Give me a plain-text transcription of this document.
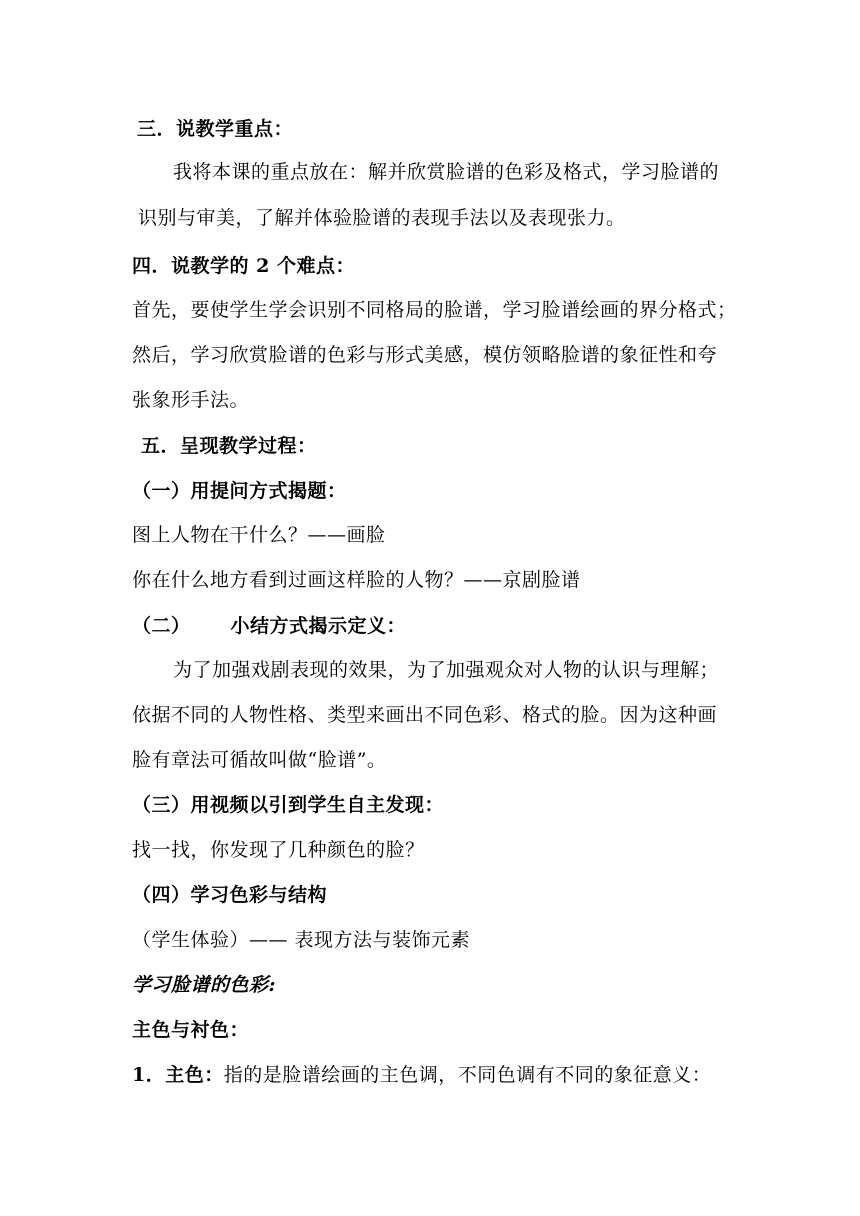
三．说教学重点：
我将本课的重点放在：解并欣赏脸谱的色彩及格式，学习脸谱的
识别与审美，了解并体验脸谱的表现手法以及表现张力。
四．说教学的 2 个难点：
首先，要使学生学会识别不同格局的脸谱，学习脸谱绘画的界分格式；
然后，学习欣赏脸谱的色彩与形式美感，模仿领略脸谱的象征性和夸
张象形手法。
五．呈现教学过程：
（一）用提问方式揭题：
图上人物在干什么？——画脸
你在什么地方看到过画这样脸的人物？——京剧脸谱
（二） 小结方式揭示定义：
为了加强戏剧表现的效果，为了加强观众对人物的认识与理解；
依据不同的人物性格、类型来画出不同色彩、格式的脸。因为这种画
脸有章法可循故叫做“脸谱”。
（三）用视频以引到学生自主发现：
找一找，你发现了几种颜色的脸？
（四）学习色彩与结构
（学生体验）—— 表现方法与装饰元素
学习脸谱的色彩:
主色与衬色：
1．主色：指的是脸谱绘画的主色调，不同色调有不同的象征意义：
